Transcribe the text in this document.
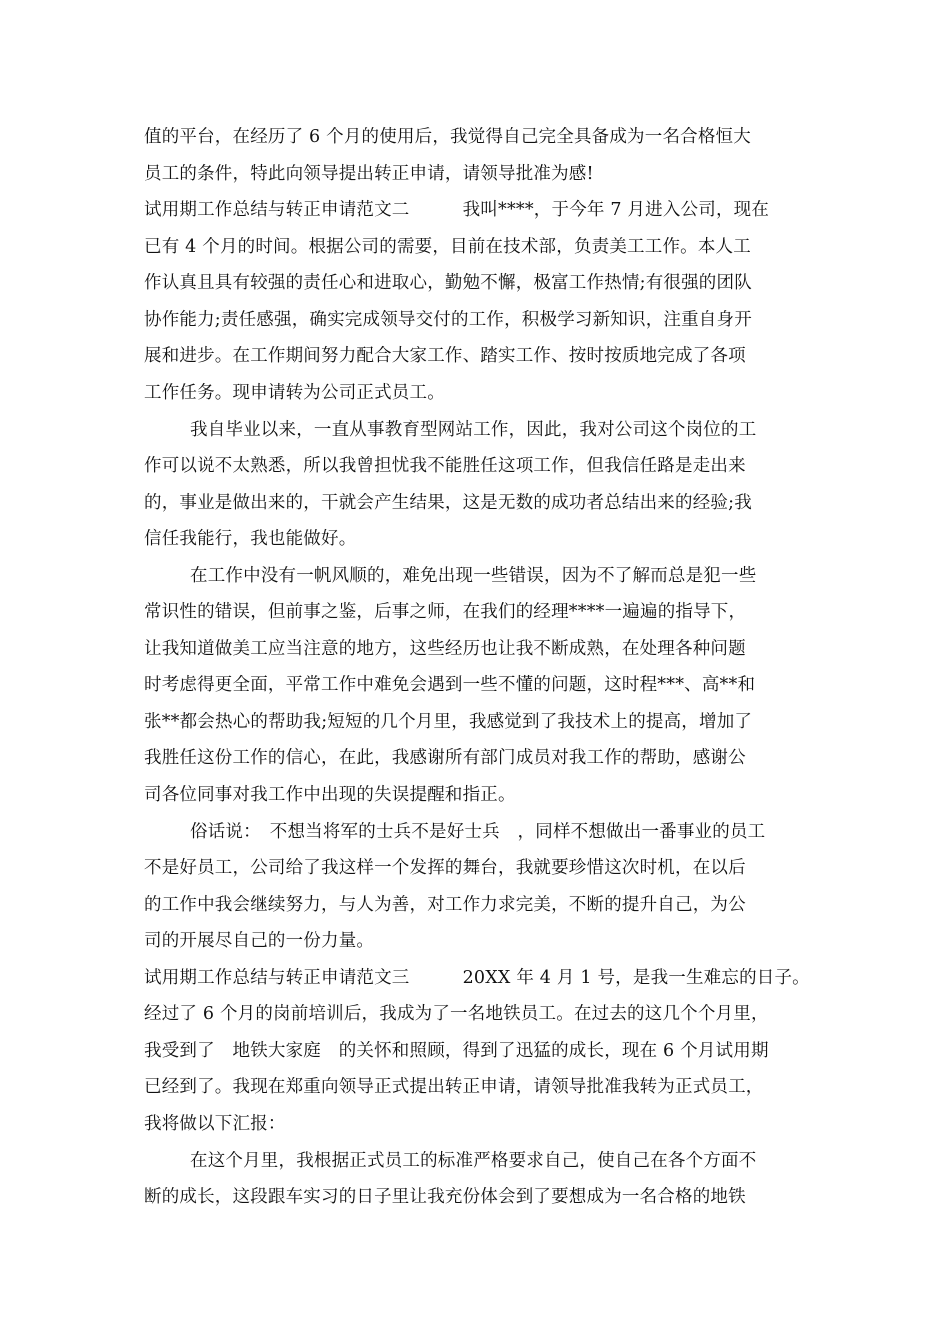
值的平台，在经历了 6 个月的使用后，我觉得自己完全具备成为一名合格恒大
员工的条件，特此向领导提出转正申请，请领导批准为感!
试用期工作总结与转正申请范文二　　　我叫****，于今年 7 月进入公司，现在
已有 4 个月的时间。根据公司的需要，目前在技术部，负责美工工作。本人工
作认真且具有较强的责任心和进取心，勤勉不懈，极富工作热情;有很强的团队
协作能力;责任感强，确实完成领导交付的工作，积极学习新知识，注重自身开
展和进步。在工作期间努力配合大家工作、踏实工作、按时按质地完成了各项
工作任务。现申请转为公司正式员工。
我自毕业以来，一直从事教育型网站工作，因此，我对公司这个岗位的工
作可以说不太熟悉，所以我曾担忧我不能胜任这项工作，但我信任路是走出来
的，事业是做出来的，干就会产生结果，这是无数的成功者总结出来的经验;我
信任我能行，我也能做好。
在工作中没有一帆风顺的，难免出现一些错误，因为不了解而总是犯一些
常识性的错误，但前事之鉴，后事之师，在我们的经理****一遍遍的指导下，
让我知道做美工应当注意的地方，这些经历也让我不断成熟，在处理各种问题
时考虑得更全面，平常工作中难免会遇到一些不懂的问题，这时程***、高**和
张**都会热心的帮助我;短短的几个月里，我感觉到了我技术上的提高，增加了
我胜任这份工作的信心，在此，我感谢所有部门成员对我工作的帮助，感谢公
司各位同事对我工作中出现的失误提醒和指正。
俗话说：　不想当将军的士兵不是好士兵　，同样不想做出一番事业的员工
不是好员工，公司给了我这样一个发挥的舞台，我就要珍惜这次时机，在以后
的工作中我会继续努力，与人为善，对工作力求完美，不断的提升自己，为公
司的开展尽自己的一份力量。
试用期工作总结与转正申请范文三　　　20XX 年 4 月 1 号，是我一生难忘的日子。
经过了 6 个月的岗前培训后，我成为了一名地铁员工。在过去的这几个个月里，
我受到了　地铁大家庭　的关怀和照顾，得到了迅猛的成长，现在 6 个月试用期
已经到了。我现在郑重向领导正式提出转正申请，请领导批准我转为正式员工，
我将做以下汇报：
在这个月里，我根据正式员工的标准严格要求自己，使自己在各个方面不
断的成长，这段跟车实习的日子里让我充份体会到了要想成为一名合格的地铁
